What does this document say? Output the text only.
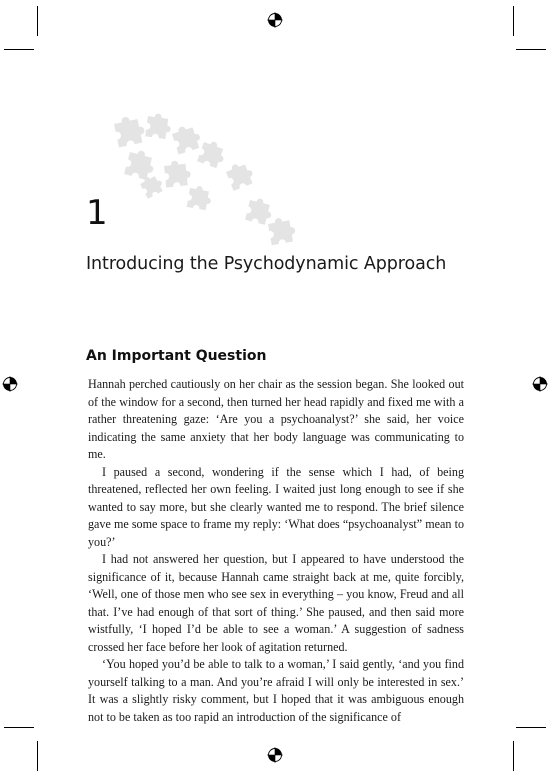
1
Introducing the Psychodynamic Approach
An Important Question

Hannah perched cautiously on her chair as the session began. She looked out of the window for a second, then turned her head rapidly and fixed me with a rather threatening gaze: ‘Are you a psychoanalyst?’ she said, her voice indicating the same anxiety that her body language was communicating to me.

I paused a second, wondering if the sense which I had, of being threatened, reflected her own feeling. I waited just long enough to see if she wanted to say more, but she clearly wanted me to respond. The brief silence gave me some space to frame my reply: ‘What does “psychoanalyst” mean to you?’

I had not answered her question, but I appeared to have understood the significance of it, because Hannah came straight back at me, quite forcibly, ‘Well, one of those men who see sex in everything – you know, Freud and all that. I’ve had enough of that sort of thing.’ She paused, and then said more wistfully, ‘I hoped I’d be able to see a woman.’ A suggestion of sadness crossed her face before her look of agitation returned.

‘You hoped you’d be able to talk to a woman,’ I said gently, ‘and you find yourself talking to a man. And you’re afraid I will only be interested in sex.’ It was a slightly risky comment, but I hoped that it was ambiguous enough not to be taken as too rapid an introduction of the significance of
